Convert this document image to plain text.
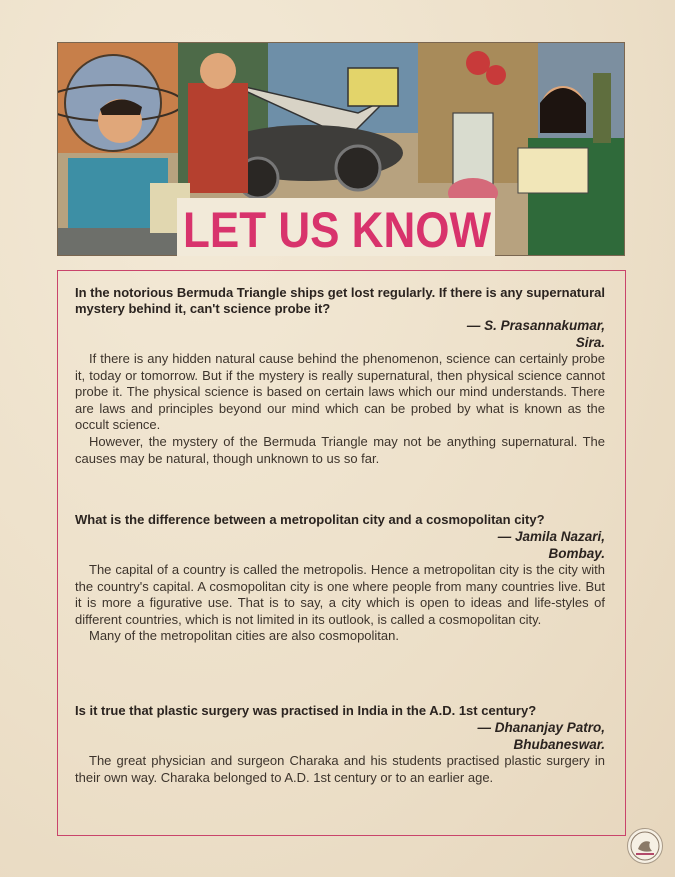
LET US KNOW

In the notorious Bermuda Triangle ships get lost regularly. If there is any supernatural mystery behind it, can't science probe it?

— S. Prasannakumar,

Sira.

If there is any hidden natural cause behind the phenomenon, science can certainly probe it, today or tomorrow. But if the mystery is really supernatural, then physical science cannot probe it. The physical science is based on certain laws which our mind understands. There are laws and principles beyond our mind which can be probed by what is known as the occult science.

However, the mystery of the Bermuda Triangle may not be anything supernatural. The causes may be natural, though unknown to us so far.

What is the difference between a metropolitan city and a cosmopolitan city?

— Jamila Nazari,

Bombay.

The capital of a country is called the metropolis. Hence a metropolitan city is the city with the country's capital. A cosmopolitan city is one where people from many countries live. But it is more a figurative use. That is to say, a city which is open to ideas and life-styles of different countries, which is not limited in its outlook, is called a cosmopolitan city.

Many of the metropolitan cities are also cosmopolitan.

Is it true that plastic surgery was practised in India in the A.D. 1st century?

— Dhananjay Patro,

Bhubaneswar.

The great physician and surgeon Charaka and his students practised plastic surgery in their own way. Charaka belonged to A.D. 1st century or to an earlier age.
